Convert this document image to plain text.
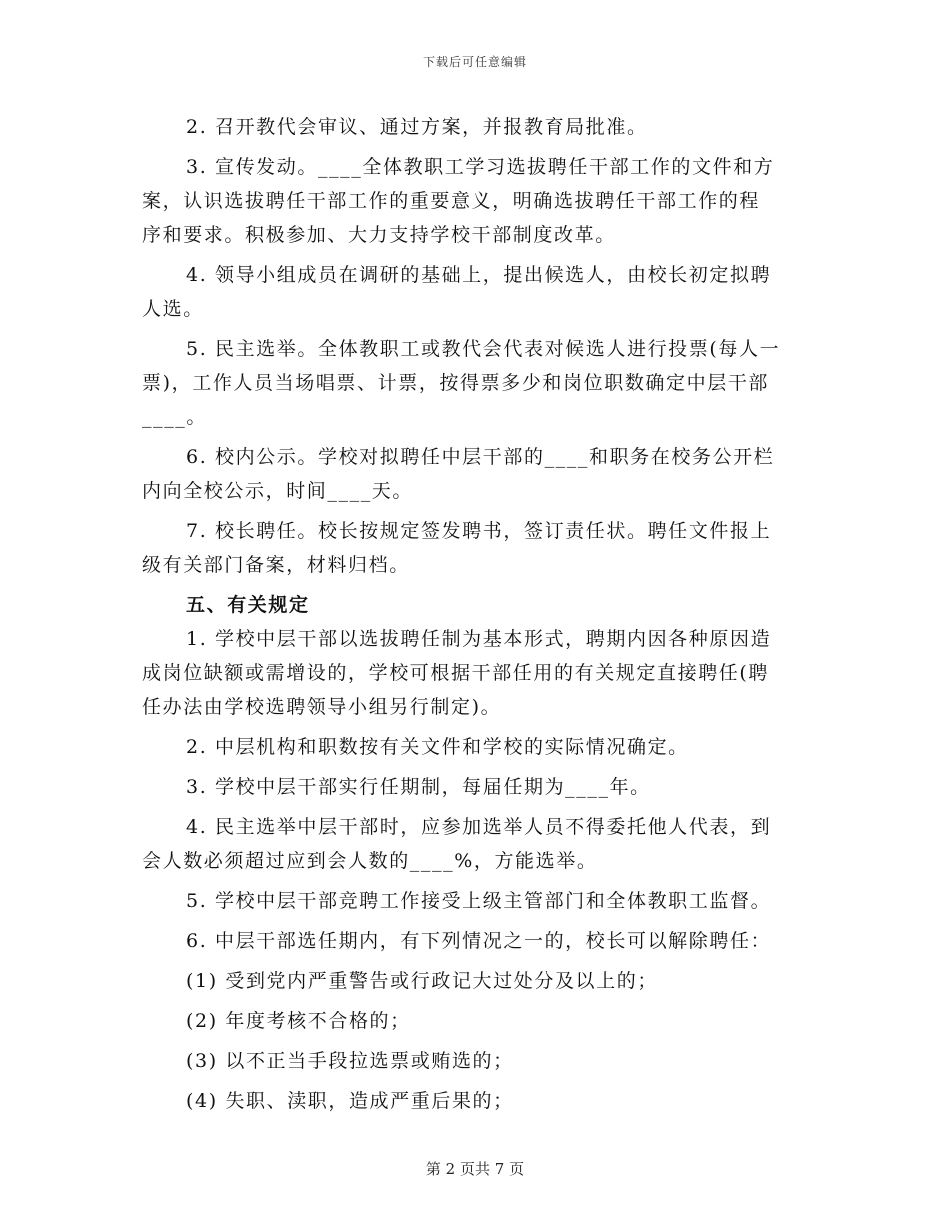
下载后可任意编辑
2. 召开教代会审议、通过方案，并报教育局批准。
3. 宣传发动。____全体教职工学习选拔聘任干部工作的文件和方
案，认识选拔聘任干部工作的重要意义，明确选拔聘任干部工作的程
序和要求。积极参加、大力支持学校干部制度改革。
4. 领导小组成员在调研的基础上，提出候选人，由校长初定拟聘
人选。
5. 民主选举。全体教职工或教代会代表对候选人进行投票(每人一
票)，工作人员当场唱票、计票，按得票多少和岗位职数确定中层干部
____。
6. 校内公示。学校对拟聘任中层干部的____和职务在校务公开栏
内向全校公示，时间____天。
7. 校长聘任。校长按规定签发聘书，签订责任状。聘任文件报上
级有关部门备案，材料归档。
五、有关规定
1. 学校中层干部以选拔聘任制为基本形式，聘期内因各种原因造
成岗位缺额或需增设的，学校可根据干部任用的有关规定直接聘任(聘
任办法由学校选聘领导小组另行制定)。
2. 中层机构和职数按有关文件和学校的实际情况确定。
3. 学校中层干部实行任期制，每届任期为____年。
4. 民主选举中层干部时，应参加选举人员不得委托他人代表，到
会人数必须超过应到会人数的____%，方能选举。
5. 学校中层干部竞聘工作接受上级主管部门和全体教职工监督。
6. 中层干部选任期内，有下列情况之一的，校长可以解除聘任：
(1) 受到党内严重警告或行政记大过处分及以上的；
(2) 年度考核不合格的；
(3) 以不正当手段拉选票或贿选的；
(4) 失职、渎职，造成严重后果的；
第 2 页共 7 页
